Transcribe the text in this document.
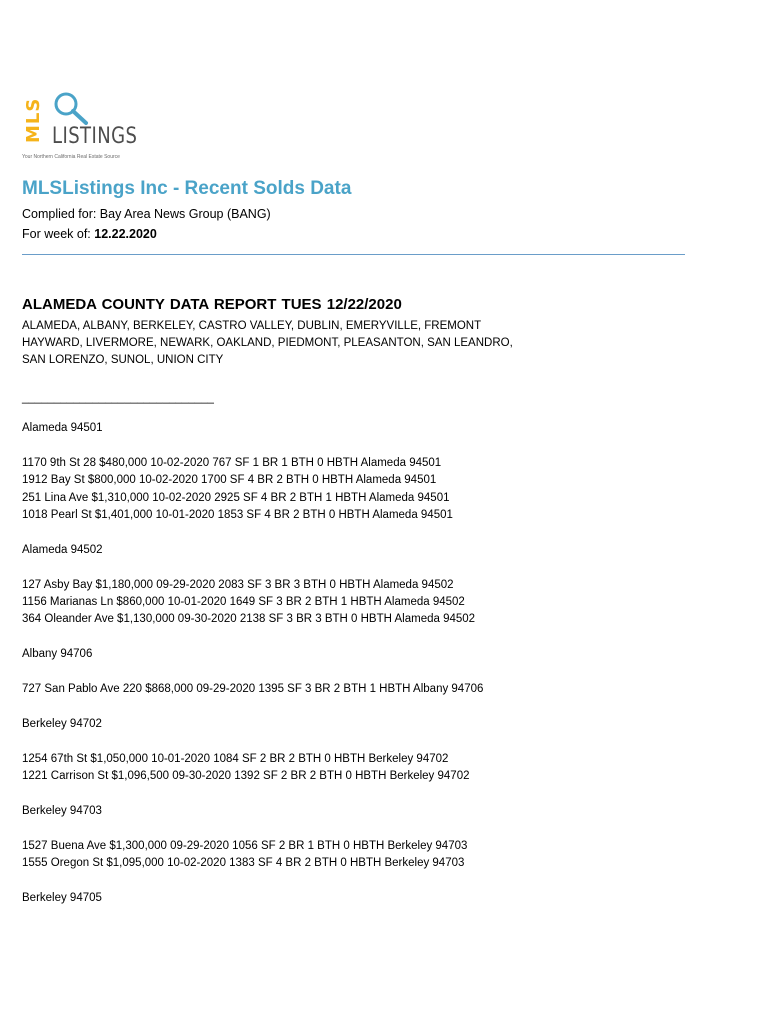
MLS LISTINGS
Your Northern California Real Estate Source
MLSListings Inc - Recent Solds Data
Complied for: Bay Area News Group (BANG)
For week of: 12.22.2020
ALAMEDA COUNTY DATA REPORT TUES 12/22/2020
ALAMEDA, ALBANY, BERKELEY, CASTRO VALLEY, DUBLIN, EMERYVILLE, FREMONT
HAYWARD, LIVERMORE, NEWARK, OAKLAND, PIEDMONT, PLEASANTON, SAN LEANDRO,
SAN LORENZO, SUNOL, UNION CITY
______________________________

Alameda 94501

1170 9th St 28 $480,000 10-02-2020 767 SF 1 BR 1 BTH 0 HBTH Alameda 94501
1912 Bay St $800,000 10-02-2020 1700 SF 4 BR 2 BTH 0 HBTH Alameda 94501
251 Lina Ave $1,310,000 10-02-2020 2925 SF 4 BR 2 BTH 1 HBTH Alameda 94501
1018 Pearl St $1,401,000 10-01-2020 1853 SF 4 BR 2 BTH 0 HBTH Alameda 94501

Alameda 94502

127 Asby Bay $1,180,000 09-29-2020 2083 SF 3 BR 3 BTH 0 HBTH Alameda 94502
1156 Marianas Ln $860,000 10-01-2020 1649 SF 3 BR 2 BTH 1 HBTH Alameda 94502
364 Oleander Ave $1,130,000 09-30-2020 2138 SF 3 BR 3 BTH 0 HBTH Alameda 94502

Albany 94706

727 San Pablo Ave 220 $868,000 09-29-2020 1395 SF 3 BR 2 BTH 1 HBTH Albany 94706

Berkeley 94702

1254 67th St $1,050,000 10-01-2020 1084 SF 2 BR 2 BTH 0 HBTH Berkeley 94702
1221 Carrison St $1,096,500 09-30-2020 1392 SF 2 BR 2 BTH 0 HBTH Berkeley 94702

Berkeley 94703

1527 Buena Ave $1,300,000 09-29-2020 1056 SF 2 BR 1 BTH 0 HBTH Berkeley 94703
1555 Oregon St $1,095,000 10-02-2020 1383 SF 4 BR 2 BTH 0 HBTH Berkeley 94703

Berkeley 94705
